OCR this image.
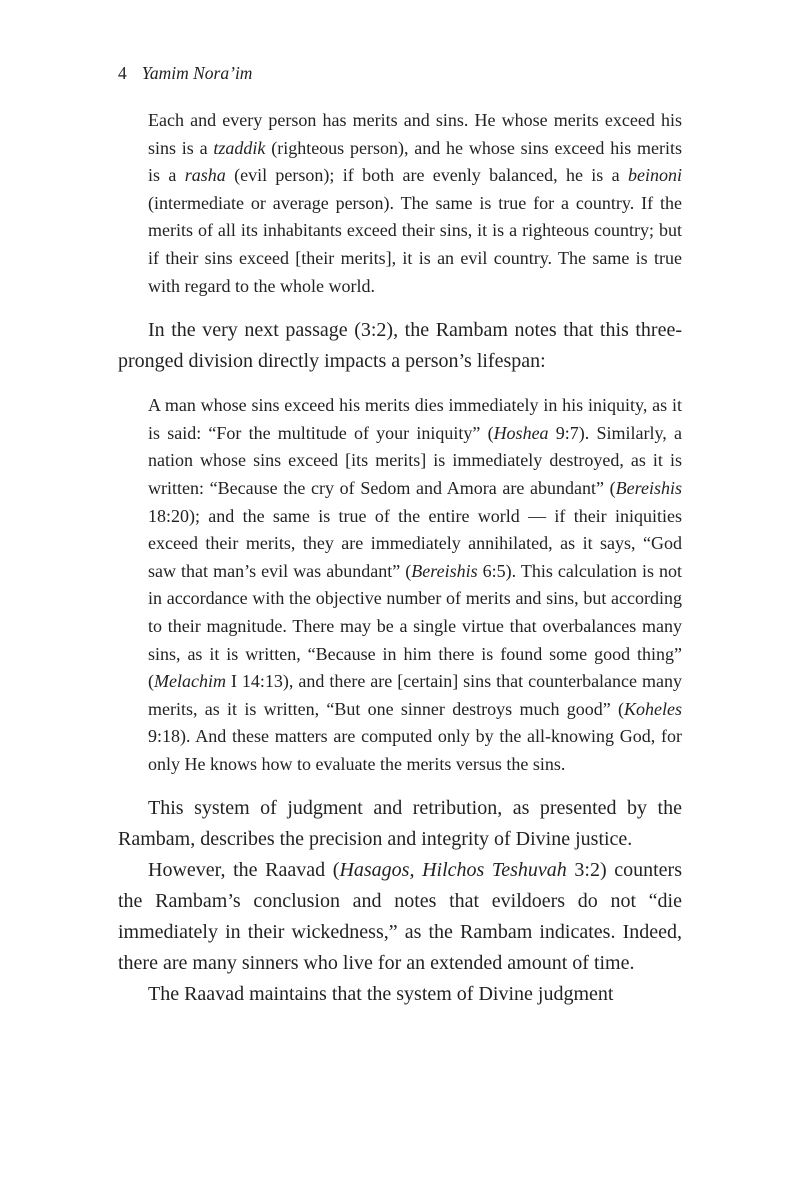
4 Yamim Nora’im

Each and every person has merits and sins. He whose merits exceed his sins is a tzaddik (righteous person), and he whose sins exceed his merits is a rasha (evil person); if both are evenly balanced, he is a beinoni (intermediate or average person). The same is true for a country. If the merits of all its inhabitants exceed their sins, it is a righteous country; but if their sins exceed [their merits], it is an evil country. The same is true with regard to the whole world.

In the very next passage (3:2), the Rambam notes that this three-pronged division directly impacts a person’s lifespan:

A man whose sins exceed his merits dies immediately in his iniquity, as it is said: “For the multitude of your iniquity” (Hoshea 9:7). Similarly, a nation whose sins exceed [its merits] is immediately destroyed, as it is written: “Because the cry of Sedom and Amora are abundant” (Bereishis 18:20); and the same is true of the entire world — if their iniquities exceed their merits, they are immediately annihilated, as it says, “God saw that man’s evil was abundant” (Bereishis 6:5). This calculation is not in accordance with the objective number of merits and sins, but according to their magnitude. There may be a single virtue that overbalances many sins, as it is written, “Because in him there is found some good thing” (Melachim I 14:13), and there are [certain] sins that counterbalance many merits, as it is written, “But one sinner destroys much good” (Koheles 9:18). And these matters are computed only by the all-knowing God, for only He knows how to evaluate the merits versus the sins.

This system of judgment and retribution, as presented by the Rambam, describes the precision and integrity of Divine justice.

However, the Raavad (Hasagos, Hilchos Teshuvah 3:2) counters the Rambam’s conclusion and notes that evildoers do not “die immediately in their wickedness,” as the Rambam indicates. Indeed, there are many sinners who live for an extended amount of time.

The Raavad maintains that the system of Divine judgment
